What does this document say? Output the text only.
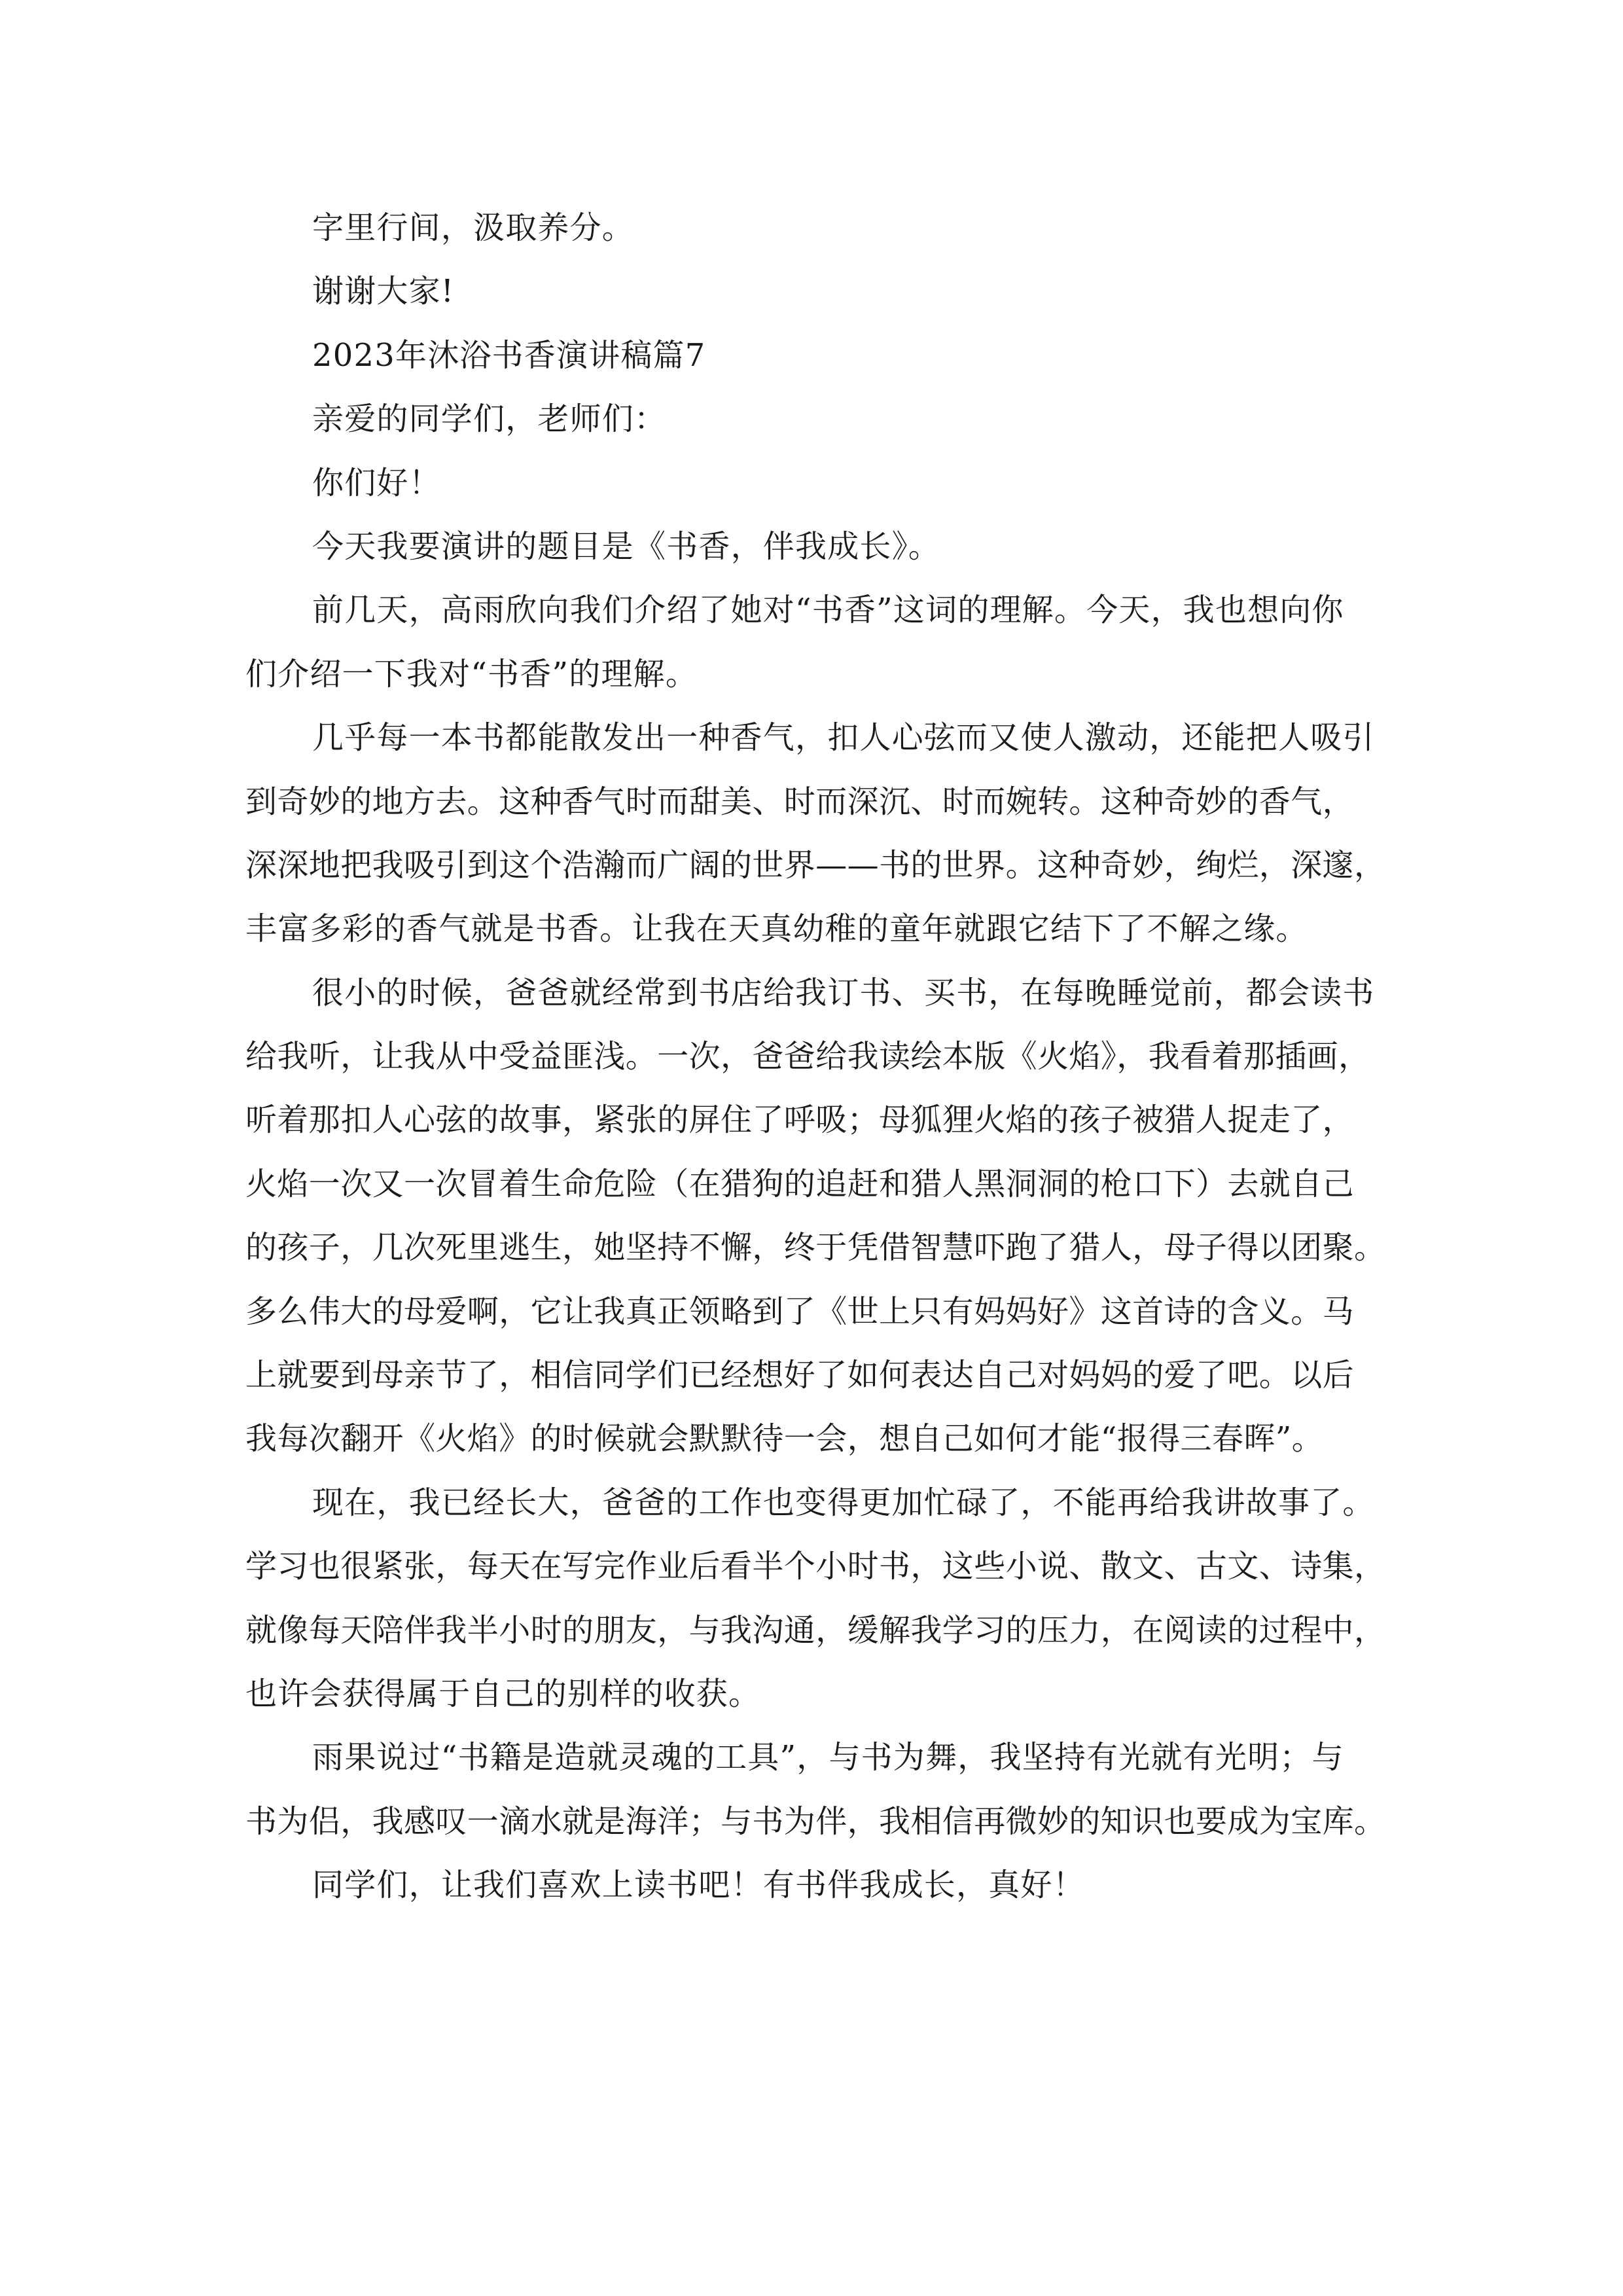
字里行间，汲取养分。
谢谢大家!
2023年沐浴书香演讲稿篇7
亲爱的同学们，老师们：
你们好！
今天我要演讲的题目是《书香，伴我成长》。
前几天，高雨欣向我们介绍了她对“书香”这词的理解。今天，我也想向你
们介绍一下我对“书香”的理解。
几乎每一本书都能散发出一种香气，扣人心弦而又使人激动，还能把人吸引
到奇妙的地方去。这种香气时而甜美、时而深沉、时而婉转。这种奇妙的香气，
深深地把我吸引到这个浩瀚而广阔的世界——书的世界。这种奇妙，绚烂，深邃，
丰富多彩的香气就是书香。让我在天真幼稚的童年就跟它结下了不解之缘。
很小的时候，爸爸就经常到书店给我订书、买书，在每晚睡觉前，都会读书
给我听，让我从中受益匪浅。一次，爸爸给我读绘本版《火焰》，我看着那插画，
听着那扣人心弦的故事，紧张的屏住了呼吸；母狐狸火焰的孩子被猎人捉走了，
火焰一次又一次冒着生命危险（在猎狗的追赶和猎人黑洞洞的枪口下）去就自己
的孩子，几次死里逃生，她坚持不懈，终于凭借智慧吓跑了猎人，母子得以团聚。
多么伟大的母爱啊，它让我真正领略到了《世上只有妈妈好》这首诗的含义。马
上就要到母亲节了，相信同学们已经想好了如何表达自己对妈妈的爱了吧。以后
我每次翻开《火焰》的时候就会默默待一会，想自己如何才能“报得三春晖”。
现在，我已经长大，爸爸的工作也变得更加忙碌了，不能再给我讲故事了。
学习也很紧张，每天在写完作业后看半个小时书，这些小说、散文、古文、诗集，
就像每天陪伴我半小时的朋友，与我沟通，缓解我学习的压力，在阅读的过程中，
也许会获得属于自己的别样的收获。
雨果说过“书籍是造就灵魂的工具”，与书为舞，我坚持有光就有光明；与
书为侣，我感叹一滴水就是海洋；与书为伴，我相信再微妙的知识也要成为宝库。
同学们，让我们喜欢上读书吧！有书伴我成长，真好！
